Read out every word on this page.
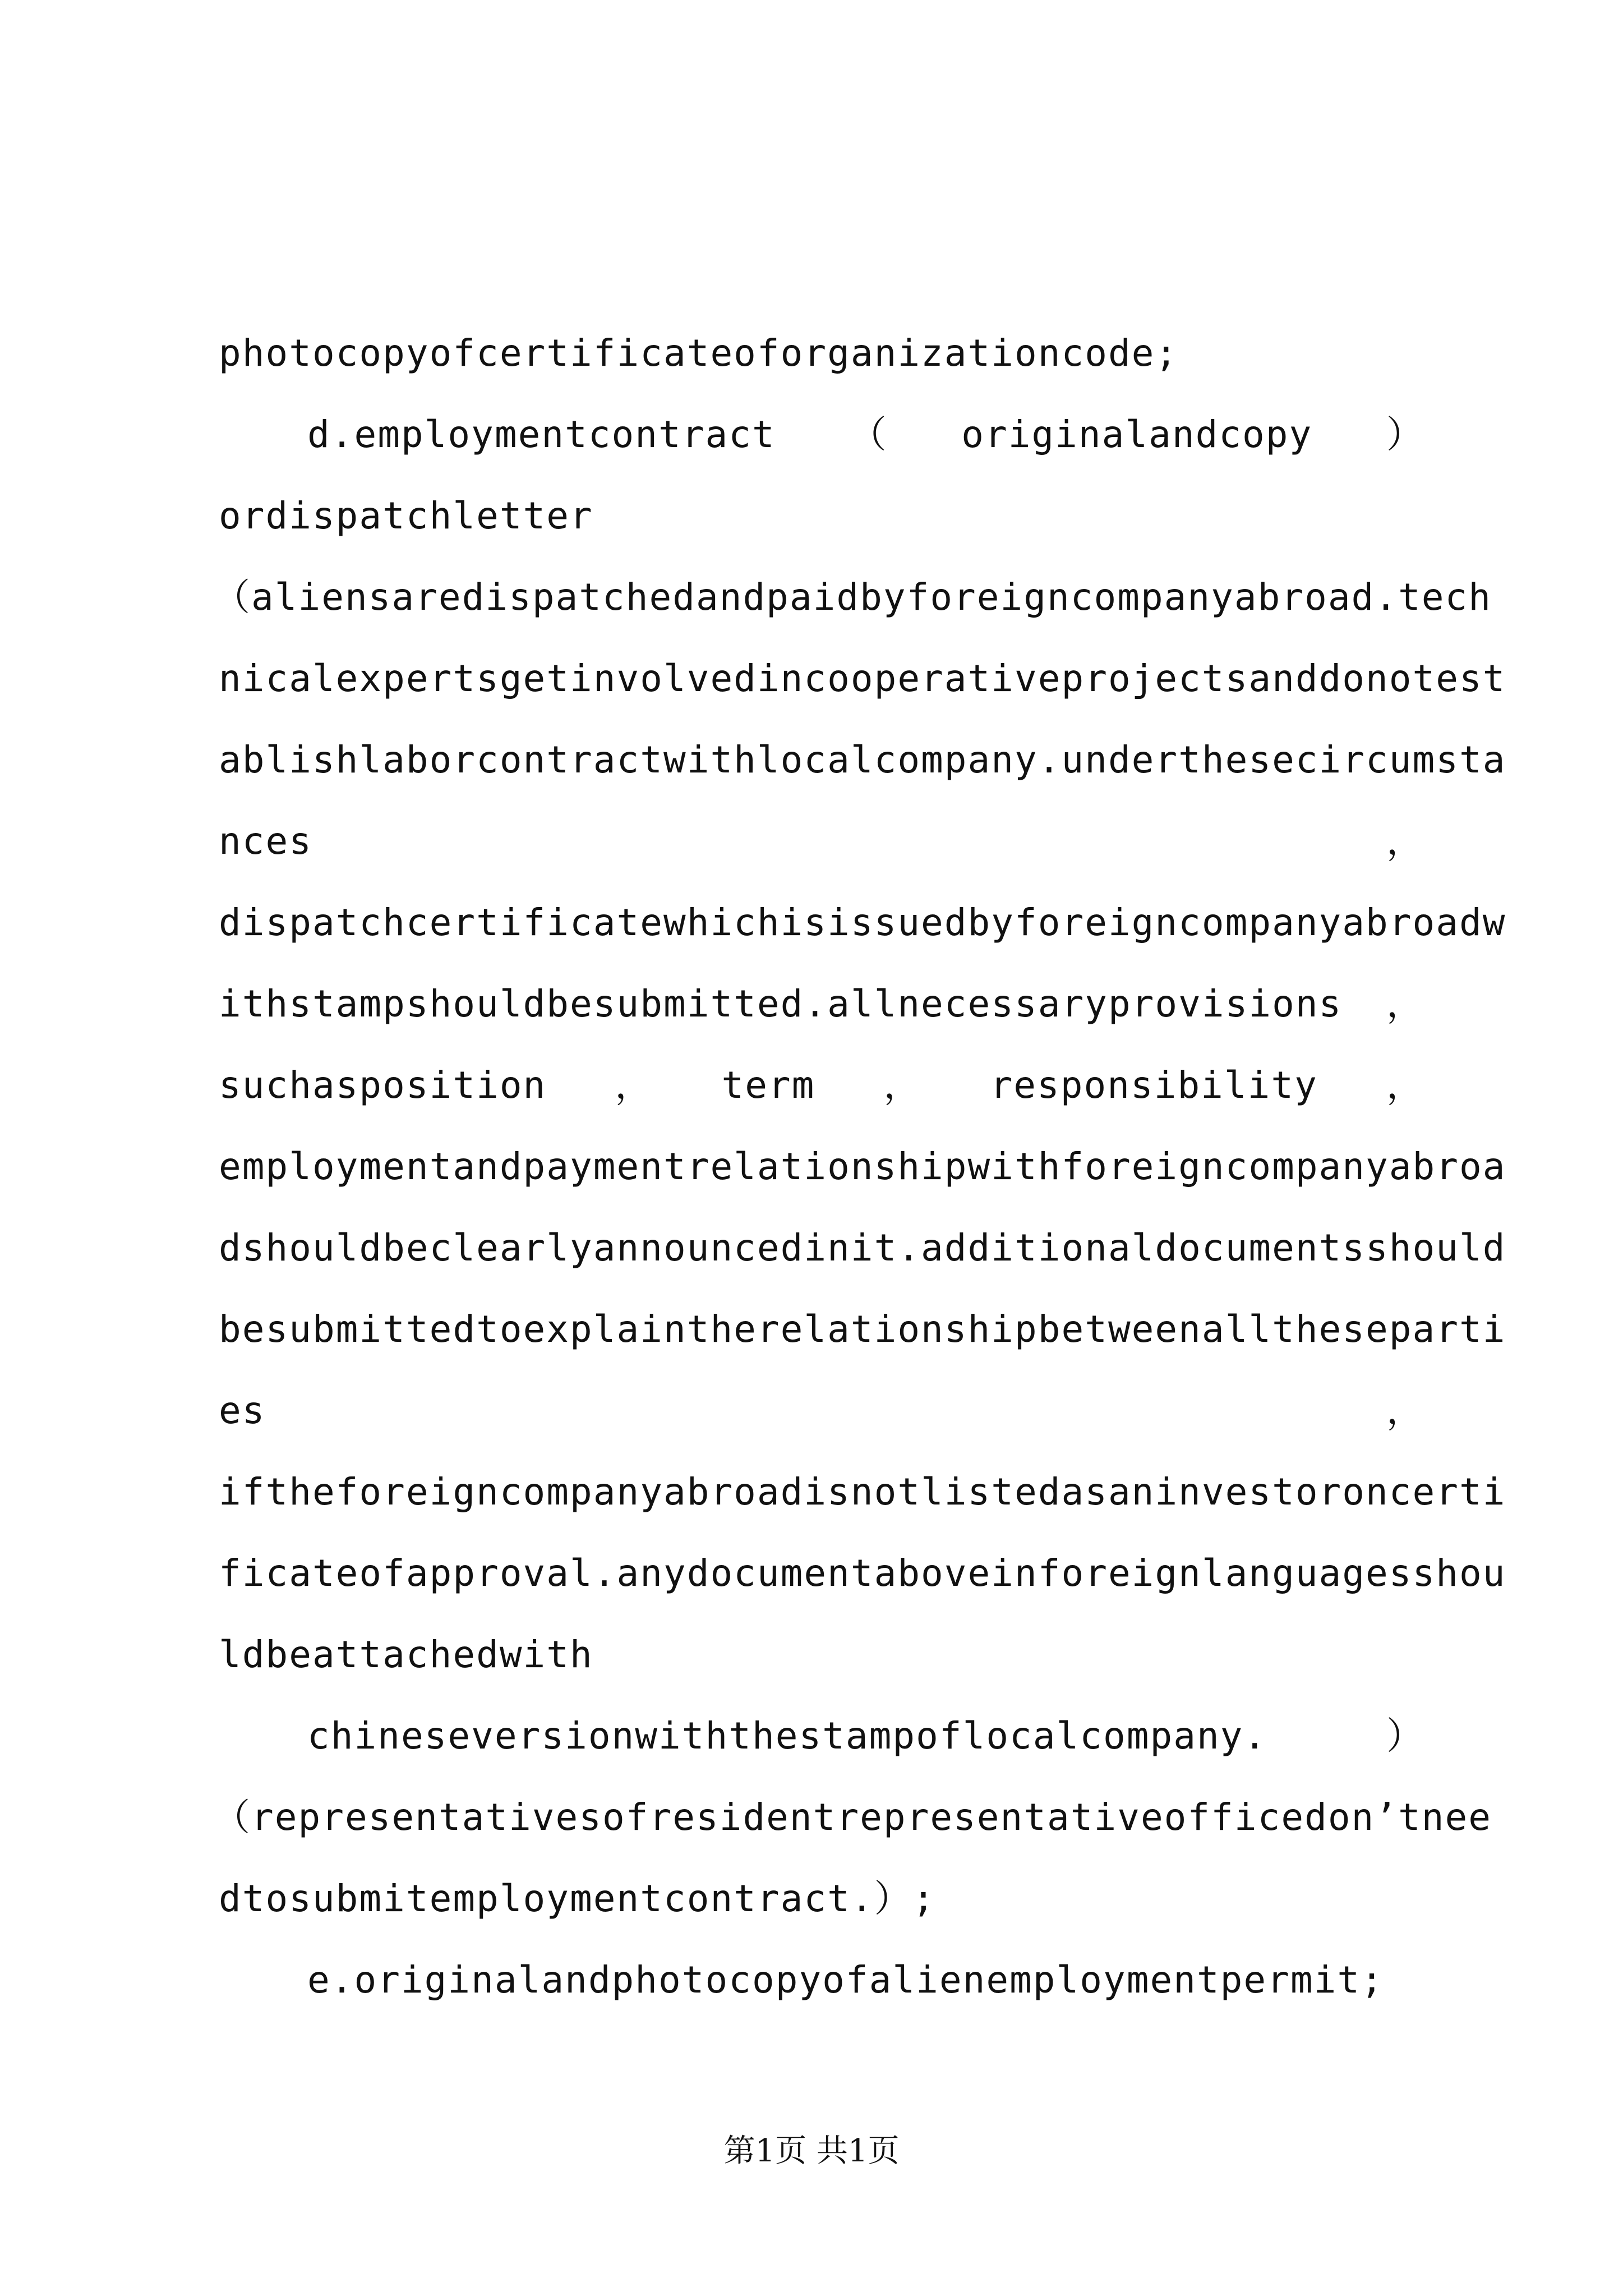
photocopyofcertificateoforganizationcode;
d.employmentcontract （ originalandcopy ）
ordispatchletter
（aliensaredispatchedandpaidbyforeigncompanyabroad.tech
nicalexpertsgetinvolvedincooperativeprojectsanddonotest
ablishlaborcontractwithlocalcompany.underthesecircumsta
nces	，
dispatchcertificatewhichisissuedbyforeigncompanyabroadw
ithstampshouldbesubmitted.allnecessaryprovisions ，
suchasposition ， term ， responsibility ，
employmentandpaymentrelationshipwithforeigncompanyabroa
dshouldbeclearlyannouncedinit.additionaldocumentsshould
besubmittedtoexplaintherelationshipbetweenalltheseparti
es	，
iftheforeigncompanyabroadisnotlistedasaninvestoroncerti
ficateofapproval.anydocumentaboveinforeignlanguagesshou
ldbeattachedwith
chineseversionwiththestampoflocalcompany.	）
（representativesofresidentrepresentativeofficedon’tnee
dtosubmitemploymentcontract.）;
e.originalandphotocopyofalienemploymentpermit;
第1页 共1页
